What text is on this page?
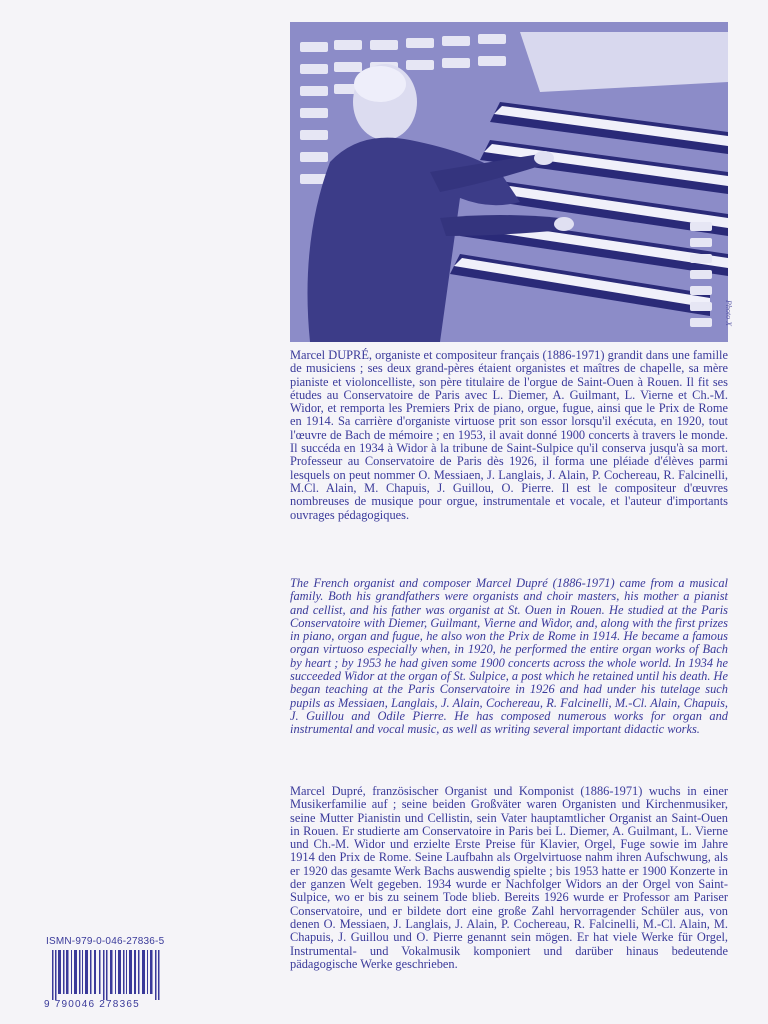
Photo X

Marcel DUPRÉ, organiste et compositeur français (1886-1971) grandit dans une famille de musiciens ; ses deux grand-pères étaient organistes et maîtres de chapelle, sa mère pianiste et violoncelliste, son père titulaire de l'orgue de Saint-Ouen à Rouen. Il fit ses études au Conservatoire de Paris avec L. Diemer, A. Guilmant, L. Vierne et Ch.-M. Widor, et remporta les Premiers Prix de piano, orgue, fugue, ainsi que le Prix de Rome en 1914. Sa carrière d'organiste virtuose prit son essor lorsqu'il exécuta, en 1920, tout l'œuvre de Bach de mémoire ; en 1953, il avait donné 1900 concerts à travers le monde. Il succéda en 1934 à Widor à la tribune de Saint-Sulpice qu'il conserva jusqu'à sa mort. Professeur au Conservatoire de Paris dès 1926, il forma une pléiade d'élèves parmi lesquels on peut nommer O. Messiaen, J. Langlais, J. Alain, P. Cochereau, R. Falcinelli, M.Cl. Alain, M. Chapuis, J. Guillou, O. Pierre. Il est le compositeur d'œuvres nombreuses de musique pour orgue, instrumentale et vocale, et l'auteur d'importants ouvrages pédagogiques.

The French organist and composer Marcel Dupré (1886-1971) came from a musical family. Both his grandfathers were organists and choir masters, his mother a pianist and cellist, and his father was organist at St. Ouen in Rouen. He studied at the Paris Conservatoire with Diemer, Guilmant, Vierne and Widor, and, along with the first prizes in piano, organ and fugue, he also won the Prix de Rome in 1914. He became a famous organ virtuoso especially when, in 1920, he performed the entire organ works of Bach by heart ; by 1953 he had given some 1900 concerts across the whole world. In 1934 he succeeded Widor at the organ of St. Sulpice, a post which he retained until his death. He began teaching at the Paris Conservatoire in 1926 and had under his tutelage such pupils as Messiaen, Langlais, J. Alain, Cochereau, R. Falcinelli, M.-Cl. Alain, Chapuis, J. Guillou and Odile Pierre. He has composed numerous works for organ and instrumental and vocal music, as well as writing several important didactic works.

Marcel Dupré, französischer Organist und Komponist (1886-1971) wuchs in einer Musikerfamilie auf ; seine beiden Großväter waren Organisten und Kirchenmusiker, seine Mutter Pianistin und Cellistin, sein Vater hauptamtlicher Organist an Saint-Ouen in Rouen. Er studierte am Conservatoire in Paris bei L. Diemer, A. Guilmant, L. Vierne und Ch.-M. Widor und erzielte Erste Preise für Klavier, Orgel, Fuge sowie im Jahre 1914 den Prix de Rome. Seine Laufbahn als Orgelvirtuose nahm ihren Aufschwung, als er 1920 das gesamte Werk Bachs auswendig spielte ; bis 1953 hatte er 1900 Konzerte in der ganzen Welt gegeben. 1934 wurde er Nachfolger Widors an der Orgel von Saint-Sulpice, wo er bis zu seinem Tode blieb. Bereits 1926 wurde er Professor am Pariser Conservatoire, und er bildete dort eine große Zahl hervorragender Schüler aus, von denen O. Messiaen, J. Langlais, J. Alain, P. Cochereau, R. Falcinelli, M.-Cl. Alain, M. Chapuis, J. Guillou und O. Pierre genannt sein mögen. Er hat viele Werke für Orgel, Instrumental- und Vokalmusik komponiert und darüber hinaus bedeutende pädagogische Werke geschrieben.

ISMN-979-0-046-27836-5
9 790046 278365
